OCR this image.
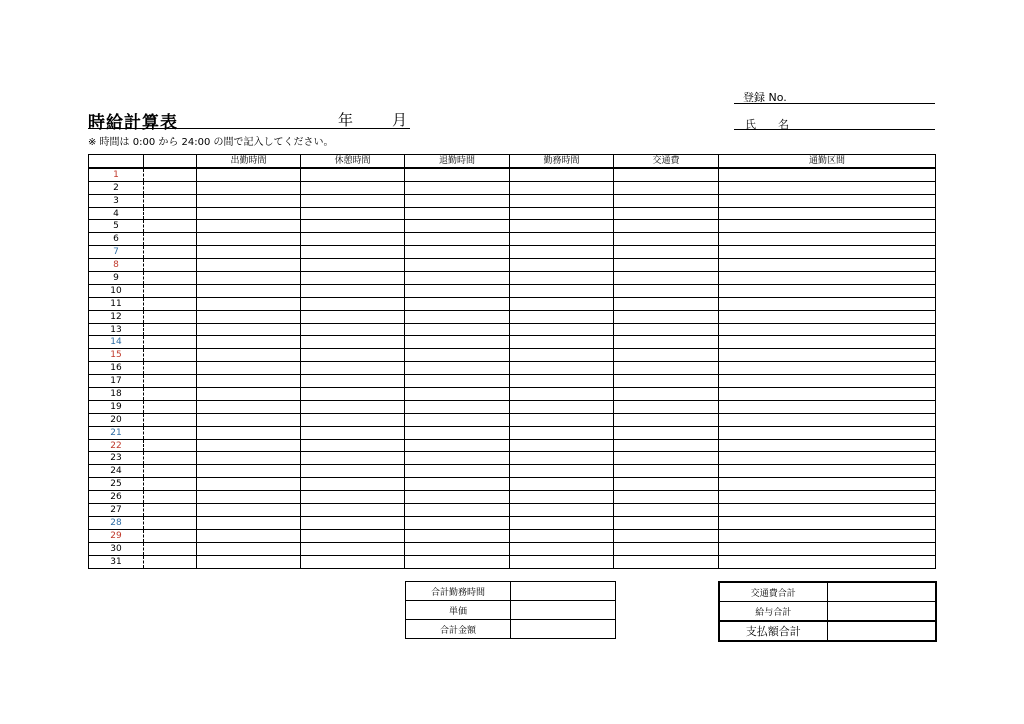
時給計算表	年	月
※ 時間は 0:00 から 24:00 の間で記入してください。
登録 No.
氏　　名
		出勤時間	休憩時間	退勤時間	勤務時間	交通費	通勤区間
1							
2							
3							
4							
5							
6							
7							
8							
9							
10							
11							
12							
13							
14							
15							
16							
17							
18							
19							
20							
21							
22							
23							
24							
25							
26							
27							
28							
29							
30							
31							
合計勤務時間	
単価	
合計金額	
交通費合計	
給与合計	
支払額合計	
